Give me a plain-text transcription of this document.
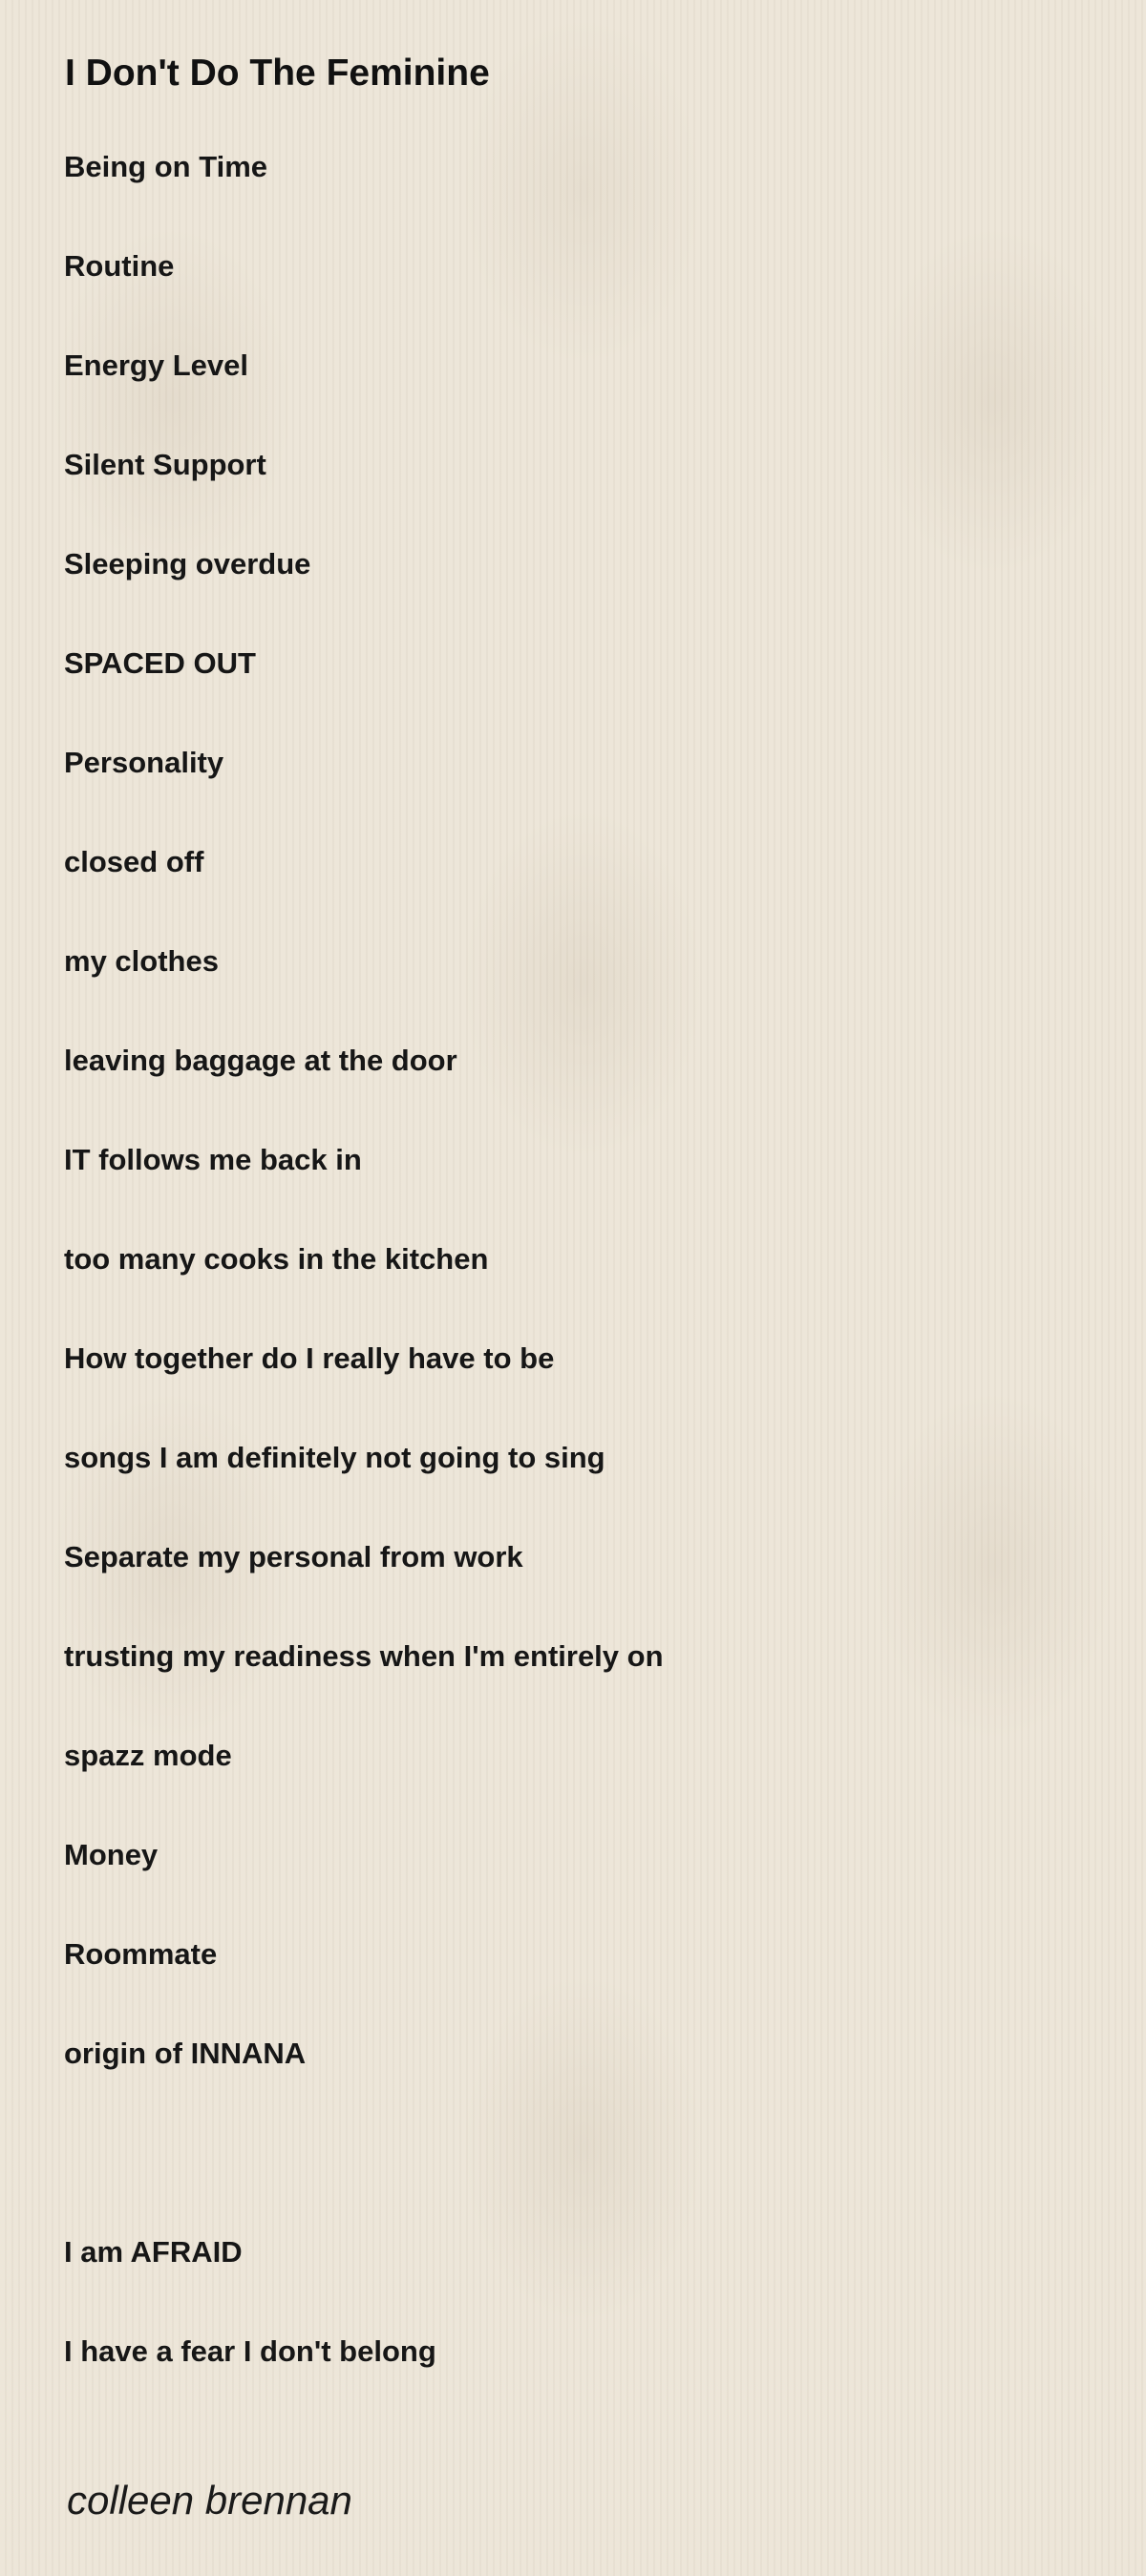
I Don't Do The Feminine
Being on Time
Routine
Energy Level
Silent Support
Sleeping overdue
SPACED OUT
Personality
closed off
my clothes
leaving baggage at the door
IT follows me back in
too many cooks in the kitchen
How together do I really have to be
songs I am definitely not going to sing
Separate my personal from work
trusting my readiness when I'm entirely on
spazz mode
Money
Roommate
origin of INNANA
I am AFRAID
I have a fear I don't belong
colleen brennan
